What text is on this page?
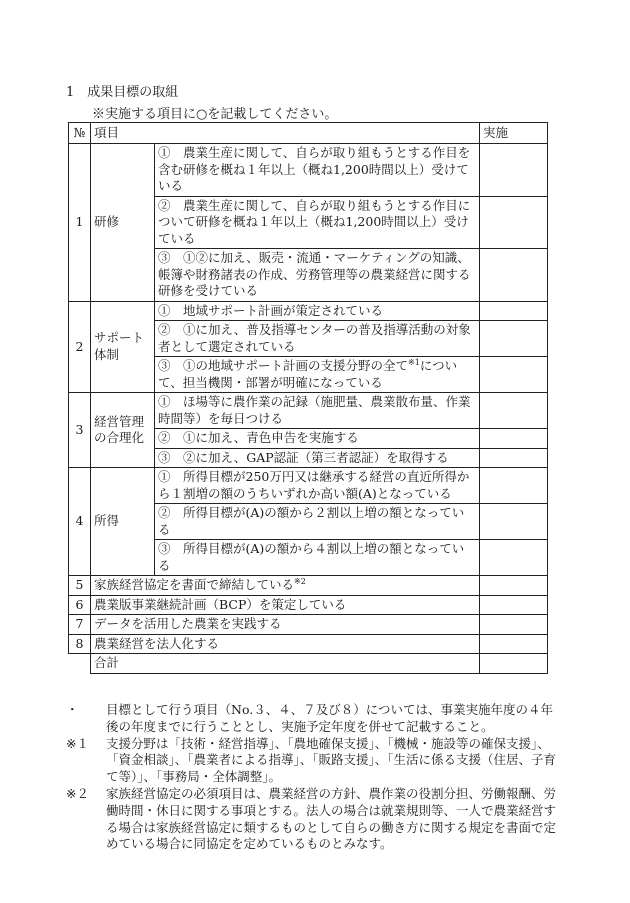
1　成果目標の取組
※実施する項目に○を記載してください。
№	項目		実施
1	研修	①　農業生産に関して、自らが取り組もうとする作目を含む研修を概ね１年以上（概ね1,200時間以上）受けている	
		②　農業生産に関して、自らが取り組もうとする作目について研修を概ね１年以上（概ね1,200時間以上）受けている	
		③　①②に加え、販売・流通・マーケティングの知識、帳簿や財務諸表の作成、労務管理等の農業経営に関する研修を受けている	
2	サポート体制	①　地域サポート計画が策定されている	
		②　①に加え、普及指導センターの普及指導活動の対象者として選定されている	
		③　①の地域サポート計画の支援分野の全て$^{※1}$について、担当機関・部署が明確になっている	
3	経営管理の合理化	①　ほ場等に農作業の記録（施肥量、農業散布量、作業時間等）を毎日つける	
		②　①に加え、青色申告を実施する	
		③　②に加え、GAP認証（第三者認証）を取得する	
4	所得	①　所得目標が250万円又は継承する経営の直近所得から１割増の額のうちいずれか高い額(A)となっている	
		②　所得目標が(A)の額から２割以上増の額となっている	
		③　所得目標が(A)の額から４割以上増の額となっている	
5	家族経営協定を書面で締結している$^{※2}$	
6	農業版事業継続計画（BCP）を策定している		
7	データを活用した農業を実践する		
8	農業経営を法人化する		
	合計		
・	目標として行う項目（No.３、４、７及び８）については、事業実施年度の４年後の年度までに行うこととし、実施予定年度を併せて記載すること。
※１	支援分野は「技術・経営指導」、「農地確保支援」、「機械・施設等の確保支援」、「資金相談」、「農業者による指導」、「販路支援」、「生活に係る支援（住居、子育て等）」、「事務局・全体調整」。
※２	家族経営協定の必須項目は、農業経営の方針、農作業の役割分担、労働報酬、労働時間・休日に関する事項とする。法人の場合は就業規則等、一人で農業経営する場合は家族経営協定に類するものとして自らの働き方に関する規定を書面で定めている場合に同協定を定めているものとみなす。
